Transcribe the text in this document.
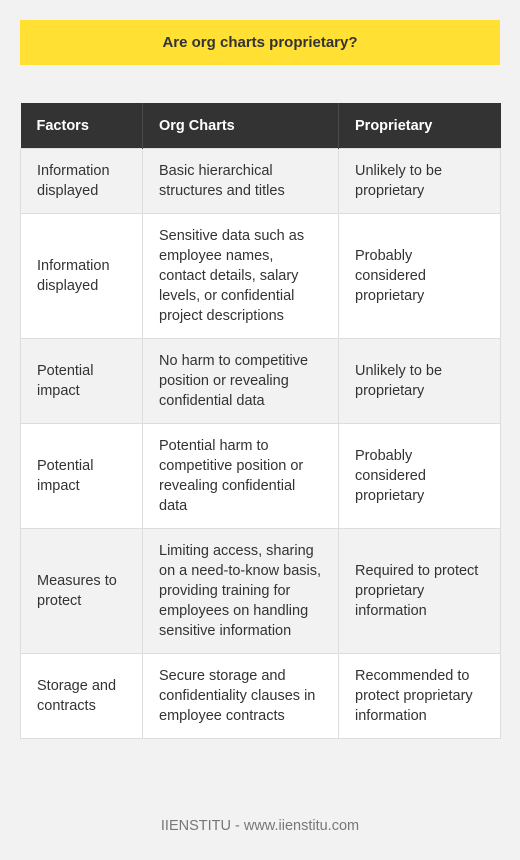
Are org charts proprietary?
Factors	Org Charts	Proprietary
Information displayed	Basic hierarchical structures and titles	Unlikely to be proprietary
Information displayed	Sensitive data such as employee names, contact details, salary levels, or confidential project descriptions	Probably considered proprietary
Potential impact	No harm to competitive position or revealing confidential data	Unlikely to be proprietary
Potential impact	Potential harm to competitive position or revealing confidential data	Probably considered proprietary
Measures to protect	Limiting access, sharing on a need-to-know basis, providing training for employees on handling sensitive information	Required to protect proprietary information
Storage and contracts	Secure storage and confidentiality clauses in employee contracts	Recommended to protect proprietary information
IIENSTITU - www.iienstitu.com
